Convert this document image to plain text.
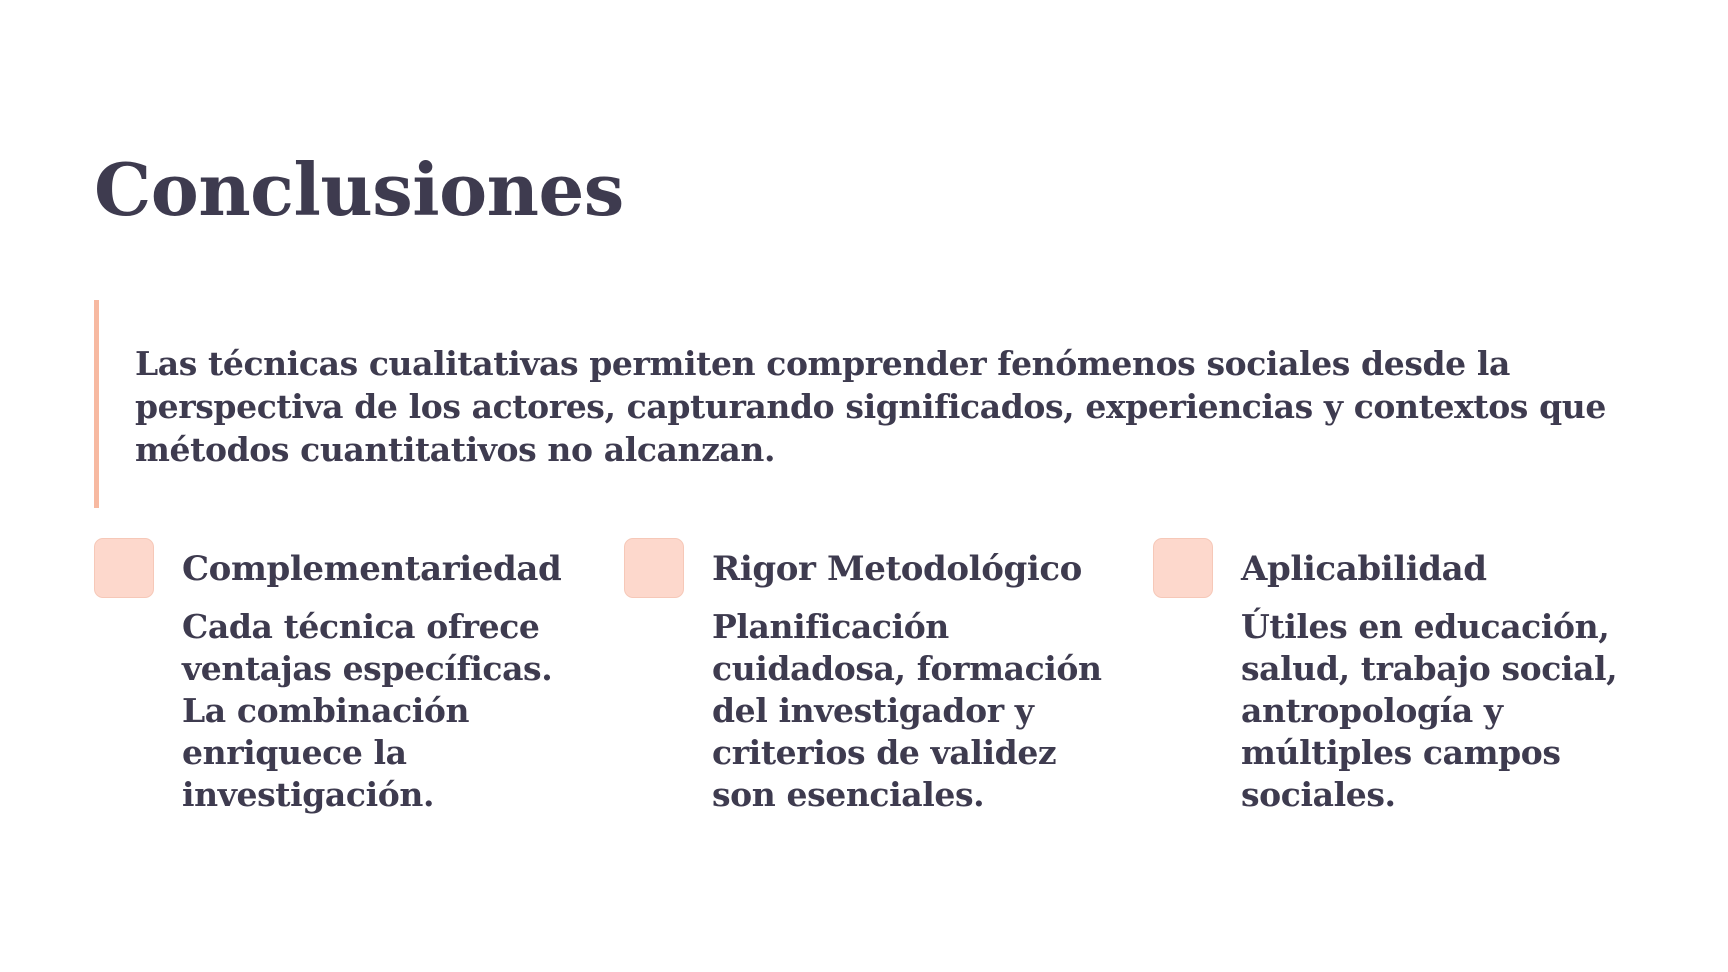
Conclusiones

Las técnicas cualitativas permiten comprender fenómenos sociales desde la perspectiva de los actores, capturando significados, experiencias y contextos que métodos cuantitativos no alcanzan.

Complementariedad

Cada técnica ofrece ventajas específicas. La combinación enriquece la investigación.

Rigor Metodológico

Planificación cuidadosa, formación del investigador y criterios de validez son esenciales.

Aplicabilidad

Útiles en educación, salud, trabajo social, antropología y múltiples campos sociales.
